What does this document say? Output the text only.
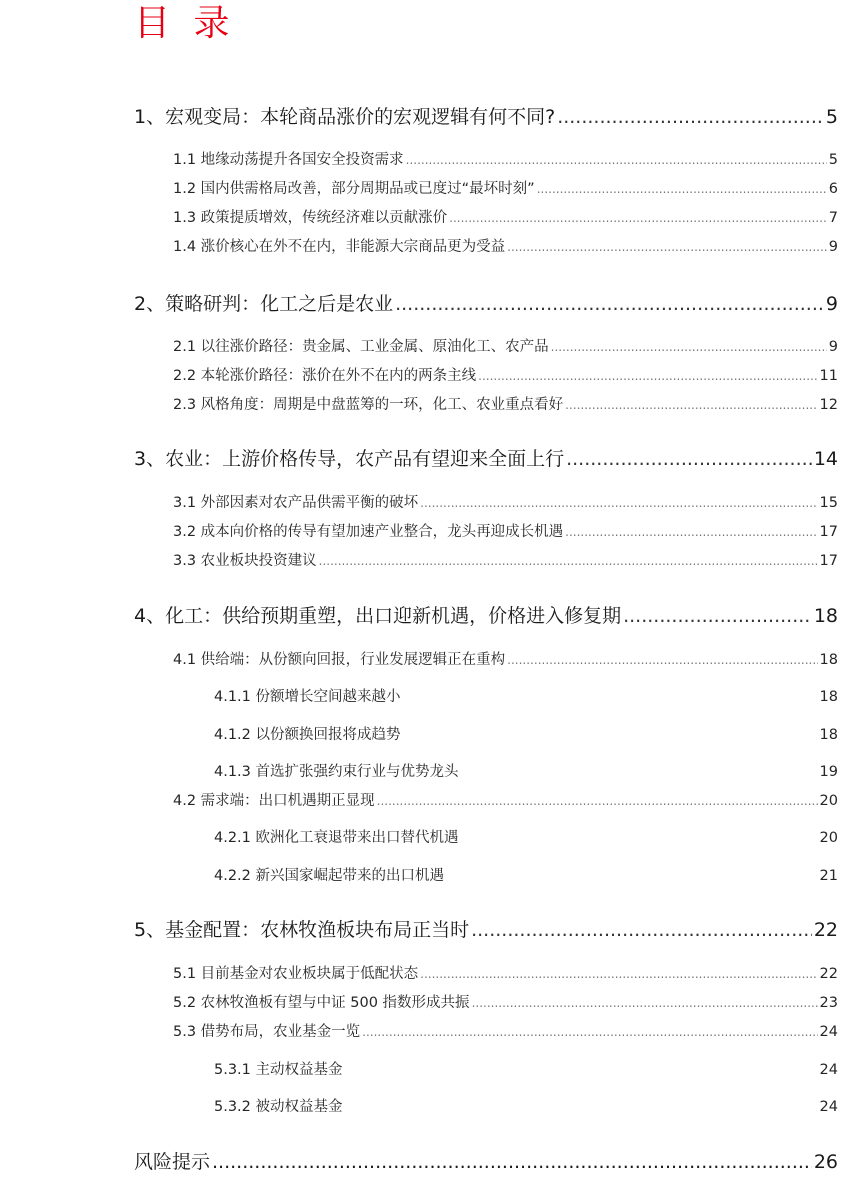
目 录
1、宏观变局：本轮商品涨价的宏观逻辑有何不同? .....	5
1.1 地缘动荡提升各国安全投资需求 .....	5
1.2 国内供需格局改善，部分周期品或已度过“最坏时刻” .....	6
1.3 政策提质增效，传统经济难以贡献涨价 .....	7
1.4 涨价核心在外不在内，非能源大宗商品更为受益 .....	9
2、策略研判：化工之后是农业 .....	9
2.1 以往涨价路径：贵金属、工业金属、原油化工、农产品 .....	9
2.2 本轮涨价路径：涨价在外不在内的两条主线 .....	11
2.3 风格角度：周期是中盘蓝筹的一环，化工、农业重点看好 .....	12
3、农业：上游价格传导，农产品有望迎来全面上行 .....	14
3.1 外部因素对农产品供需平衡的破坏 .....	15
3.2 成本向价格的传导有望加速产业整合，龙头再迎成长机遇 .....	17
3.3 农业板块投资建议 .....	17
4、化工：供给预期重塑，出口迎新机遇，价格进入修复期 .....	18
4.1 供给端：从份额向回报，行业发展逻辑正在重构 .....	18
4.1.1 份额增长空间越来越小	18
4.1.2 以份额换回报将成趋势	18
4.1.3 首选扩张强约束行业与优势龙头	19
4.2 需求端：出口机遇期正显现 .....	20
4.2.1 欧洲化工衰退带来出口替代机遇	20
4.2.2 新兴国家崛起带来的出口机遇	21
5、基金配置：农林牧渔板块布局正当时 .....	22
5.1 目前基金对农业板块属于低配状态 .....	22
5.2 农林牧渔板有望与中证 500 指数形成共振 .....	23
5.3 借势布局，农业基金一览 .....	24
5.3.1 主动权益基金	24
5.3.2 被动权益基金	24
风险提示 .....	26
